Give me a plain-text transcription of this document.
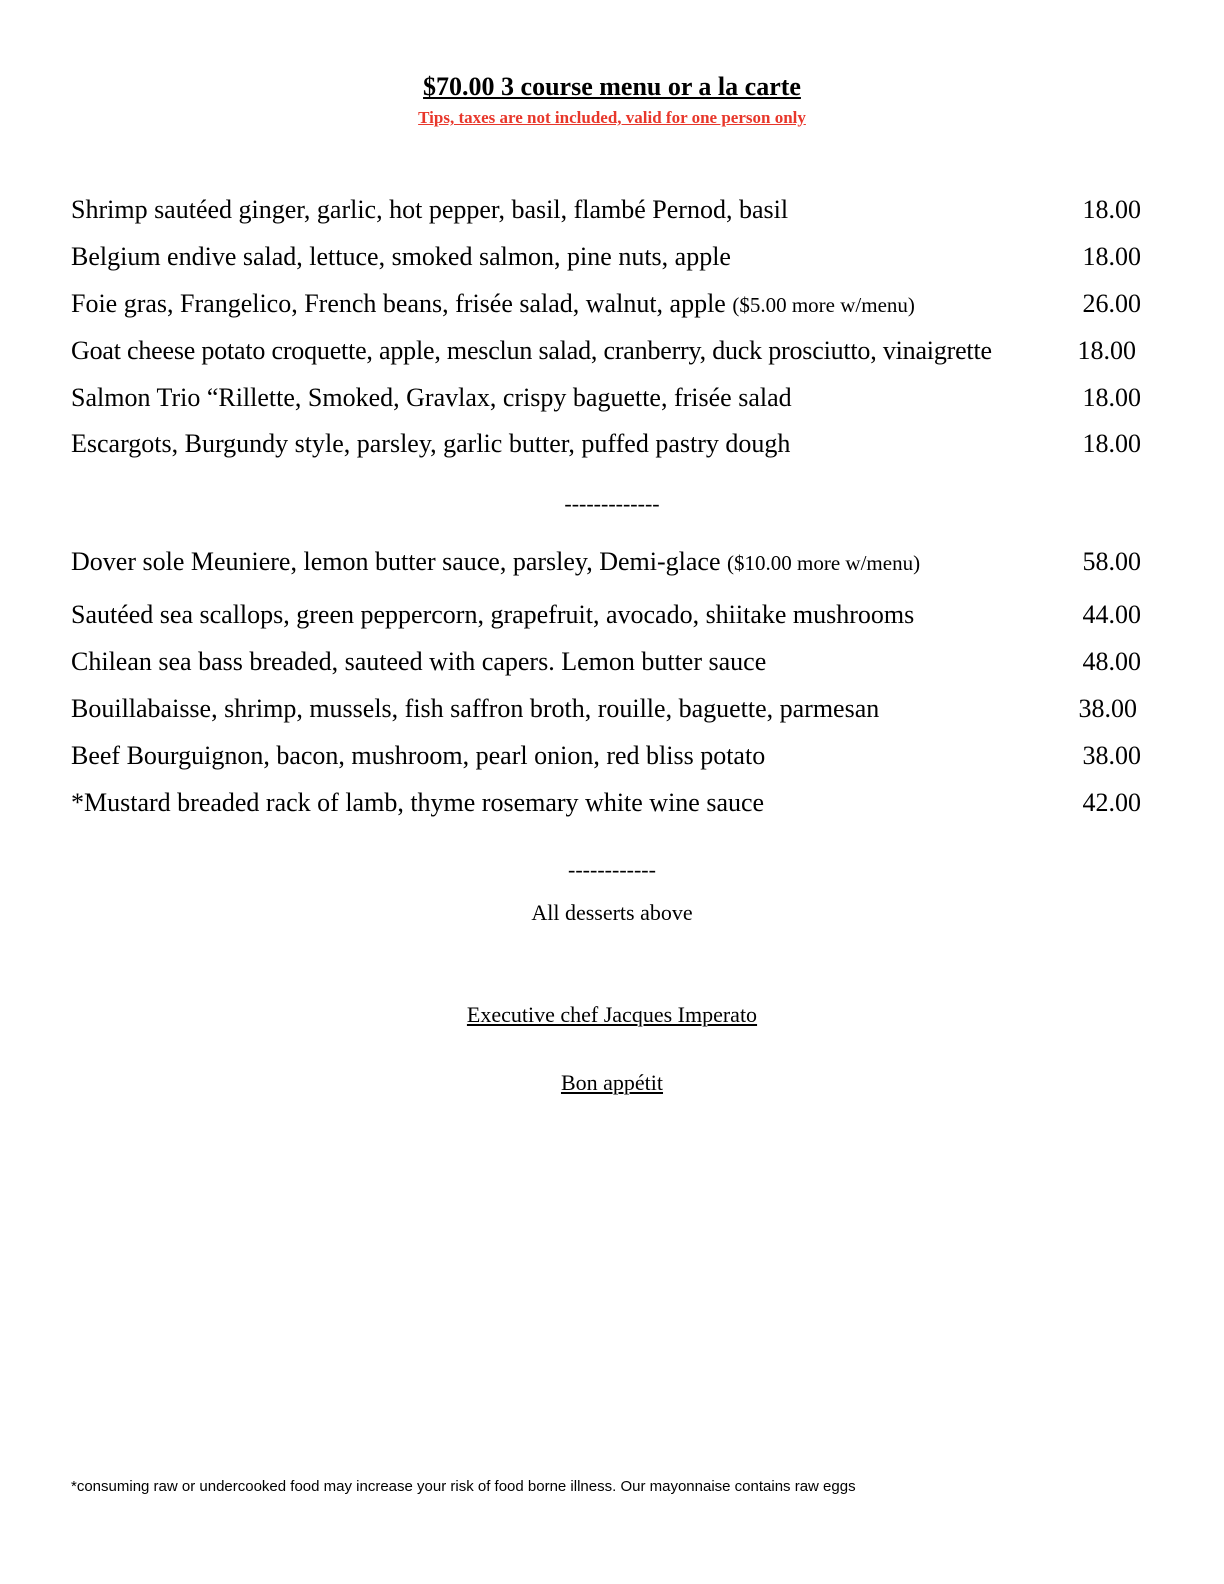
$70.00 3 course menu or a la carte
Tips, taxes are not included, valid for one person only
Shrimp sautéed ginger, garlic, hot pepper, basil, flambé Pernod, basil	18.00
Belgium endive salad, lettuce, smoked salmon, pine nuts, apple	18.00
Foie gras, Frangelico, French beans, frisée salad, walnut, apple ($5.00 more w/menu)	26.00
Goat cheese potato croquette, apple, mesclun salad, cranberry, duck prosciutto, vinaigrette	18.00
Salmon Trio “Rillette, Smoked, Gravlax, crispy baguette, frisée salad	18.00
Escargots, Burgundy style, parsley, garlic butter, puffed pastry dough	18.00
-------------
Dover sole Meuniere, lemon butter sauce, parsley, Demi-glace ($10.00 more w/menu)	58.00
Sautéed sea scallops, green peppercorn, grapefruit, avocado, shiitake mushrooms	44.00
Chilean sea bass breaded, sauteed with capers. Lemon butter sauce	48.00
Bouillabaisse, shrimp, mussels, fish saffron broth, rouille, baguette, parmesan	38.00
Beef Bourguignon, bacon, mushroom, pearl onion, red bliss potato	38.00
*Mustard breaded rack of lamb, thyme rosemary white wine sauce	42.00
------------
All desserts above
Executive chef Jacques Imperato
Bon appétit
*consuming raw or undercooked food may increase your risk of food borne illness. Our mayonnaise contains raw eggs
